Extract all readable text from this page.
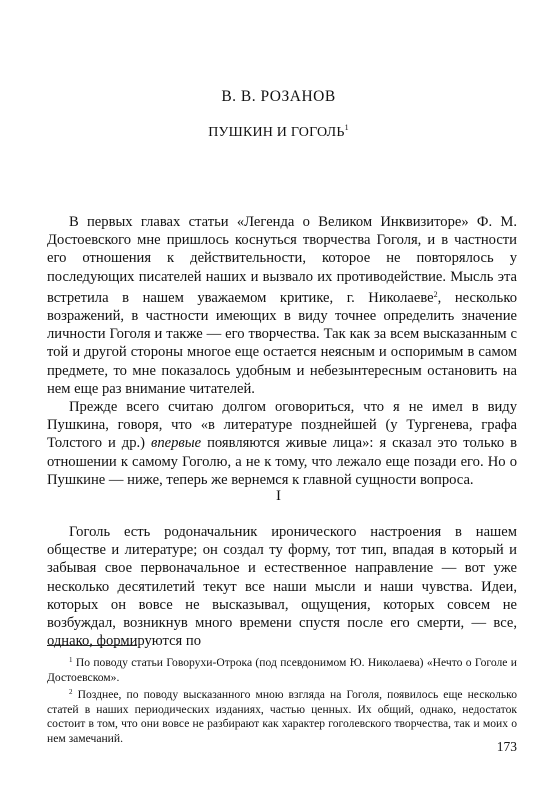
В. В. РОЗАНОВ
ПУШКИН И ГОГОЛЬ$^1$

В первых главах статьи «Легенда о Великом Инквизиторе» Ф. М. Достоевского мне пришлось коснуться творчества Гоголя, и в частности его отношения к действительности, которое не повторялось у последующих писателей наших и вызвало их противодействие. Мысль эта встретила в нашем уважаемом критике, г. Николаеве$^2$, несколько возражений, в частности имеющих в виду точнее определить значение личности Гоголя и также — его творчества. Так как за всем высказанным с той и другой стороны многое еще остается неясным и оспоримым в самом предмете, то мне показалось удобным и небезынтересным остановить на нем еще раз внимание читателей.

Прежде всего считаю долгом оговориться, что я не имел в виду Пушкина, говоря, что «в литературе позднейшей (у Тургенева, графа Толстого и др.) впервые появляются живые лица»: я сказал это только в отношении к самому Гоголю, а не к тому, что лежало еще позади его. Но о Пушкине — ниже, теперь же вернемся к главной сущности вопроса.

I

Гоголь есть родоначальник иронического настроения в нашем обществе и литературе; он создал ту форму, тот тип, впадая в который и забывая свое первоначальное и естественное направление — вот уже несколько десятилетий текут все наши мысли и наши чувства. Идеи, которых он вовсе не высказывал, ощущения, которых совсем не возбуждал, возникнув много времени спустя после его смерти, — все, однако, формируются по

$^1$ По поводу статьи Говорухи-Отрока (под псевдонимом Ю. Николаева) «Нечто о Гоголе и Достоевском».

$^2$ Позднее, по поводу высказанного мною взгляда на Гоголя, появилось еще несколько статей в наших периодических изданиях, частью ценных. Их общий, однако, недостаток состоит в том, что они вовсе не разбирают как характер гоголевского творчества, так и моих о нем замечаний.

173
